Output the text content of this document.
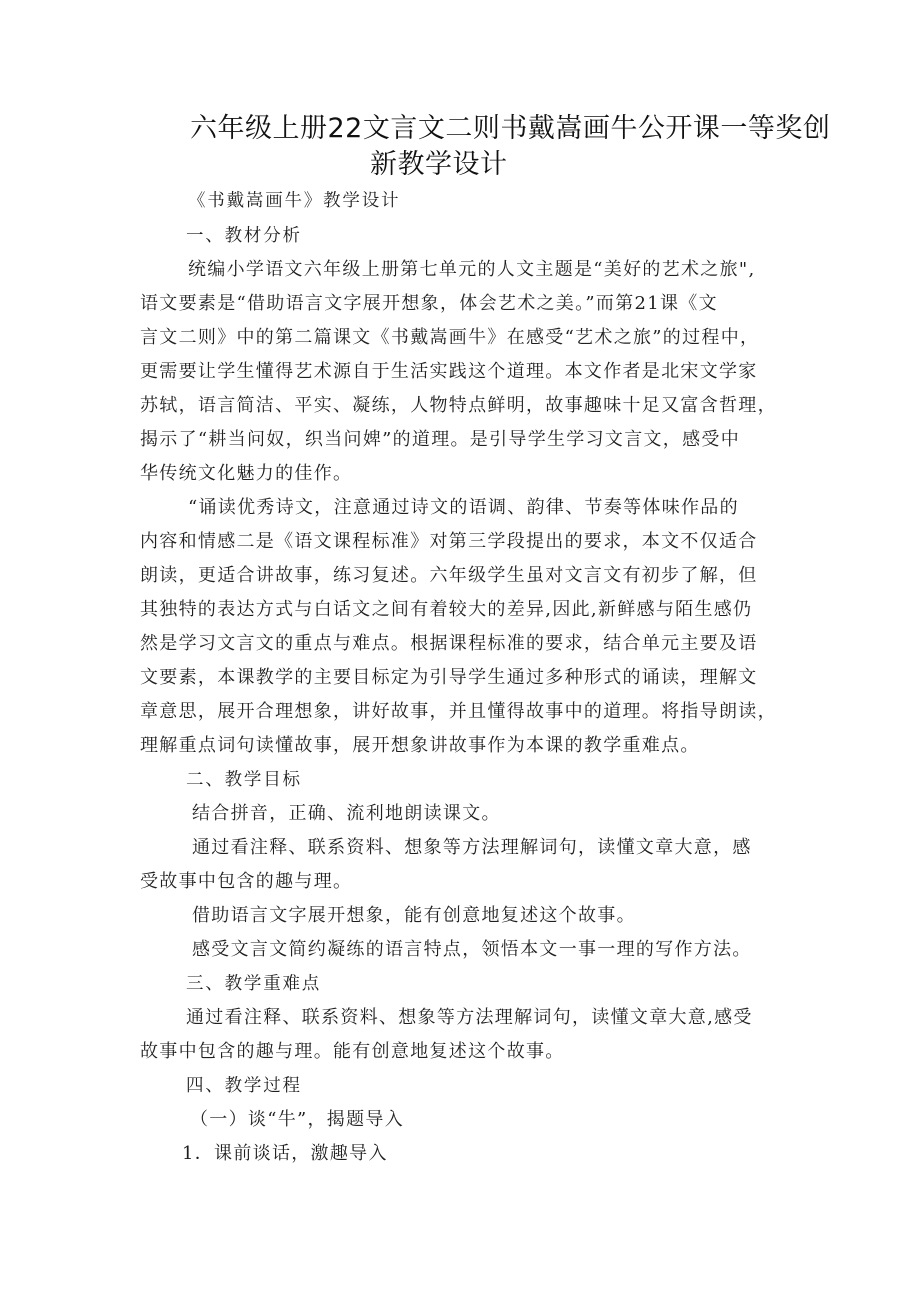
六年级上册22文言文二则书戴嵩画牛公开课一等奖创
新教学设计
《书戴嵩画牛》教学设计
一、教材分析
统编小学语文六年级上册第七单元的人文主题是“美好的艺术之旅",
语文要素是“借助语言文字展开想象，体会艺术之美。”而第21课《文
言文二则》中的第二篇课文《书戴嵩画牛》在感受“艺术之旅”的过程中，
更需要让学生懂得艺术源自于生活实践这个道理。本文作者是北宋文学家
苏轼，语言简洁、平实、凝练，人物特点鲜明，故事趣味十足又富含哲理，
揭示了“耕当问奴，织当问婢”的道理。是引导学生学习文言文，感受中
华传统文化魅力的佳作。
“诵读优秀诗文，注意通过诗文的语调、韵律、节奏等体味作品的
内容和情感二是《语文课程标准》对第三学段提出的要求，本文不仅适合
朗读，更适合讲故事，练习复述。六年级学生虽对文言文有初步了解，但
其独特的表达方式与白话文之间有着较大的差异,因此,新鲜感与陌生感仍
然是学习文言文的重点与难点。根据课程标准的要求，结合单元主要及语
文要素，本课教学的主要目标定为引导学生通过多种形式的诵读，理解文
章意思，展开合理想象，讲好故事，并且懂得故事中的道理。将指导朗读，
理解重点词句读懂故事，展开想象讲故事作为本课的教学重难点。
二、教学目标
结合拼音，正确、流利地朗读课文。
通过看注释、联系资料、想象等方法理解词句，读懂文章大意，感
受故事中包含的趣与理。
借助语言文字展开想象，能有创意地复述这个故事。
感受文言文简约凝练的语言特点，领悟本文一事一理的写作方法。
三、教学重难点
通过看注释、联系资料、想象等方法理解词句，读懂文章大意,感受
故事中包含的趣与理。能有创意地复述这个故事。
四、教学过程
（一）谈“牛”，揭题导入
1．课前谈话，激趣导入
